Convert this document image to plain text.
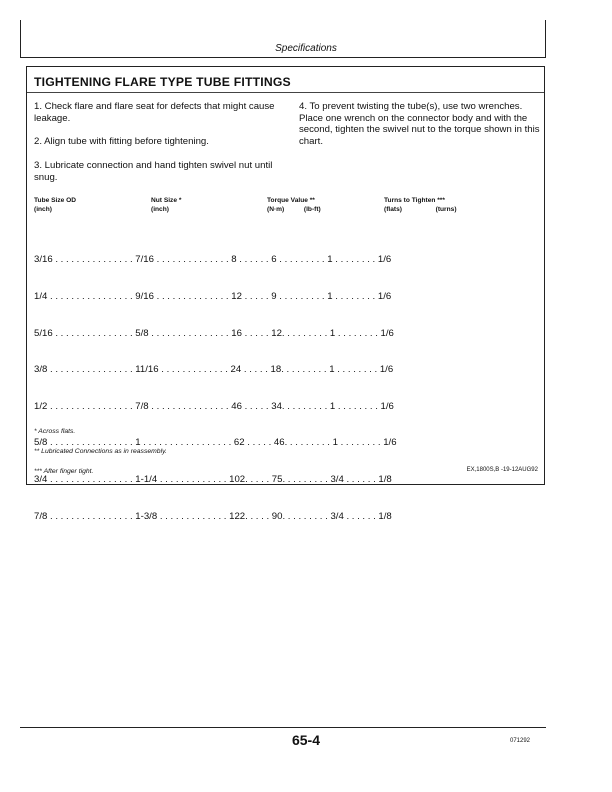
Specifications
TIGHTENING FLARE TYPE TUBE FITTINGS
1. Check flare and flare seat for defects that might cause leakage.
2. Align tube with fitting before tightening.
3. Lubricate connection and hand tighten swivel nut until snug.
4. To prevent twisting the tube(s), use two wrenches. Place one wrench on the connector body and with the second, tighten the swivel nut to the torque shown in this chart.
Tube Size OD
(inch)
Nut Size *
(inch)
Torque Value **
(N·m)	(lb-ft)
Turns to Tighten ***
(flats)	(turns)

3/16 . . . . . . . . . . . . . . . 7/16 . . . . . . . . . . . . . . 8 . . . . . . 6 . . . . . . . . . 1 . . . . . . . . 1/6

1/4 . . . . . . . . . . . . . . . . 9/16 . . . . . . . . . . . . . . 12 . . . . . 9 . . . . . . . . . 1 . . . . . . . . 1/6

5/16 . . . . . . . . . . . . . . . 5/8 . . . . . . . . . . . . . . . 16 . . . . . 12. . . . . . . . . 1 . . . . . . . . 1/6

3/8 . . . . . . . . . . . . . . . . 11/16 . . . . . . . . . . . . . 24 . . . . . 18. . . . . . . . . 1 . . . . . . . . 1/6

1/2 . . . . . . . . . . . . . . . . 7/8 . . . . . . . . . . . . . . . 46 . . . . . 34. . . . . . . . . 1 . . . . . . . . 1/6

5/8 . . . . . . . . . . . . . . . . 1 . . . . . . . . . . . . . . . . . 62 . . . . . 46. . . . . . . . . 1 . . . . . . . . 1/6

3/4 . . . . . . . . . . . . . . . . 1-1/4 . . . . . . . . . . . . . 102. . . . . 75. . . . . . . . . 3/4 . . . . . . 1/8

7/8 . . . . . . . . . . . . . . . . 1-3/8 . . . . . . . . . . . . . 122. . . . . 90. . . . . . . . . 3/4 . . . . . . 1/8

* Across flats.
** Lubricated Connections as in reassembly.
*** After finger tight.	EX,1800S,B -19-12AUG92
65-4	071292
